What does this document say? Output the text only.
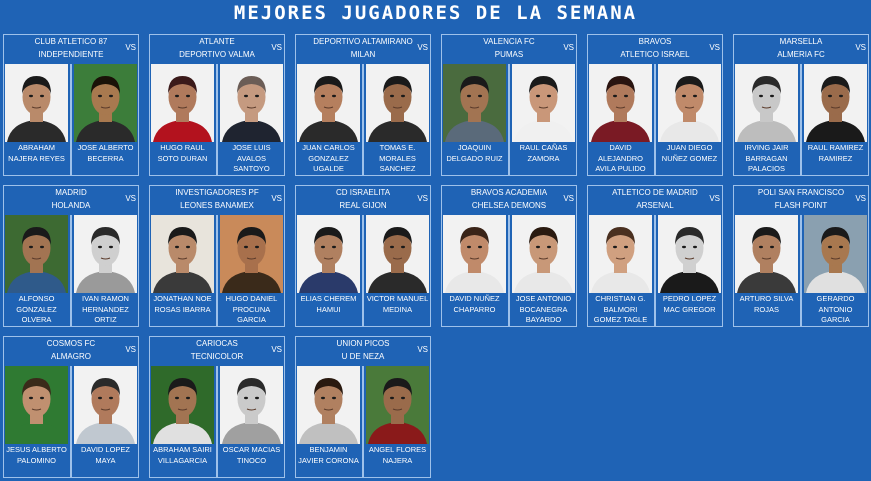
MEJORES JUGADORES DE LA SEMANA
CLUB ATLETICO 87
INDEPENDIENTE
VS
ABRAHAM NAJERA REYES
JOSE ALBERTO BECERRA
ATLANTE
DEPORTIVO VALMA
VS
HUGO RAUL SOTO DURAN
JOSE LUIS AVALOS SANTOYO
DEPORTIVO ALTAMIRANO
MILAN
VS
JUAN CARLOS GONZALEZ UGALDE
TOMAS E. MORALES SANCHEZ
VALENCIA FC
PUMAS
VS
JOAQUIN DELGADO RUIZ
RAUL CAÑAS ZAMORA
BRAVOS
ATLETICO ISRAEL
VS
DAVID ALEJANDRO AVILA PULIDO
JUAN DIEGO NUÑEZ GOMEZ
MARSELLA
ALMERIA FC
VS
IRVING JAIR BARRAGAN PALACIOS
RAUL RAMIREZ RAMIREZ
MADRID
HOLANDA
VS
ALFONSO GONZALEZ OLVERA
IVAN RAMON HERNANDEZ ORTIZ
INVESTIGADORES PF
LEONES BANAMEX
VS
JONATHAN NOE ROSAS IBARRA
HUGO DANIEL PROCUNA GARCIA
CD ISRAELITA
REAL GIJON
VS
ELIAS CHEREM HAMUI
VICTOR MANUEL MEDINA
BRAVOS ACADEMIA
CHELSEA DEMONS
VS
DAVID NUÑEZ CHAPARRO
JOSE ANTONIO BOCANEGRA BAYARDO
ATLETICO DE MADRID
ARSENAL
VS
CHRISTIAN G. BALMORI GOMEZ TAGLE
PEDRO LOPEZ MAC GREGOR
POLI SAN FRANCISCO
FLASH POINT
VS
ARTURO SILVA ROJAS
GERARDO ANTONIO GARCIA
COSMOS FC
ALMAGRO
VS
JESUS ALBERTO PALOMINO
DAVID LOPEZ MAYA
CARIOCAS
TECNICOLOR
VS
ABRAHAM SAIRI VILLAGARCIA
OSCAR MACIAS TINOCO
UNION PICOS
U DE NEZA
VS
BENJAMIN JAVIER CORONA
ANGEL FLORES NAJERA
